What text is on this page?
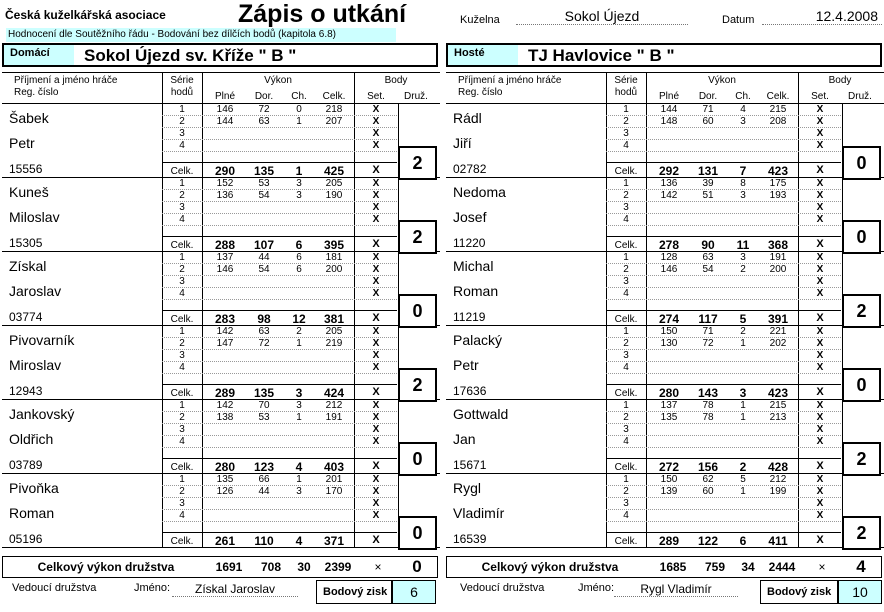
Česká kuželkářská asociace	Zápis o utkání
Hodnocení dle Soutěžního řádu - Bodování bez dílčích bodů (kapitola 6.8)
Kuželna	Sokol Újezd	Datum	12.4.2008
Domácí	Sokol Újezd sv. Kříže " B "	Hosté	TJ Havlovice " B "
Příjmení a jméno hráče
Reg. číslo
Série
hodů
Výkon
Plné	Dor.	Ch.	Celk.
Body
Set.	Druž.
Šabek
Petr
15556
1	146	72	0	218	X
2	144	63	1	207	X
3	X
4	X
Celk.	290	135	1	425	X	2
Kuneš
Miloslav
15305
1	152	53	3	205	X
2	136	54	3	190	X
3	X
4	X
Celk.	288	107	6	395	X	2
Získal
Jaroslav
03774
1	137	44	6	181	X
2	146	54	6	200	X
3	X
4	X
Celk.	283	98	12	381	X	0
Pivovarník
Miroslav
12943
1	142	63	2	205	X
2	147	72	1	219	X
3	X
4	X
Celk.	289	135	3	424	X	2
Jankovský
Oldřich
03789
1	142	70	3	212	X
2	138	53	1	191	X
3	X
4	X
Celk.	280	123	4	403	X	0
Pivoňka
Roman
05196
1	135	66	1	201	X
2	126	44	3	170	X
3	X
4	X
Celk.	261	110	4	371	X	0
Příjmení a jméno hráče
Reg. číslo
Série
hodů
Výkon
Plné	Dor.	Ch.	Celk.
Body
Set.	Druž.
Rádl
Jiří
02782
1	144	71	4	215	X
2	148	60	3	208	X
3	X
4	X
Celk.	292	131	7	423	X	0
Nedoma
Josef
11220
1	136	39	8	175	X
2	142	51	3	193	X
3	X
4	X
Celk.	278	90	11	368	X	0
Michal
Roman
11219
1	128	63	3	191	X
2	146	54	2	200	X
3	X
4	X
Celk.	274	117	5	391	X	2
Palacký
Petr
17636
1	150	71	2	221	X
2	130	72	1	202	X
3	X
4	X
Celk.	280	143	3	423	X	0
Gottwald
Jan
15671
1	137	78	1	215	X
2	135	78	1	213	X
3	X
4	X
Celk.	272	156	2	428	X	2
Rygl
Vladimír
16539
1	150	62	5	212	X
2	139	60	1	199	X
3	X
4	X
Celk.	289	122	6	411	X	2
Celkový výkon družstva	1691	708	30	2399	×	0	Celkový výkon družstva	1685	759	34	2444	×	4
Vedoucí družstva	Jméno:	Získal Jaroslav	Bodový zisk	6	Vedoucí družstva	Jméno:	Rygl Vladimír	Bodový zisk	10
